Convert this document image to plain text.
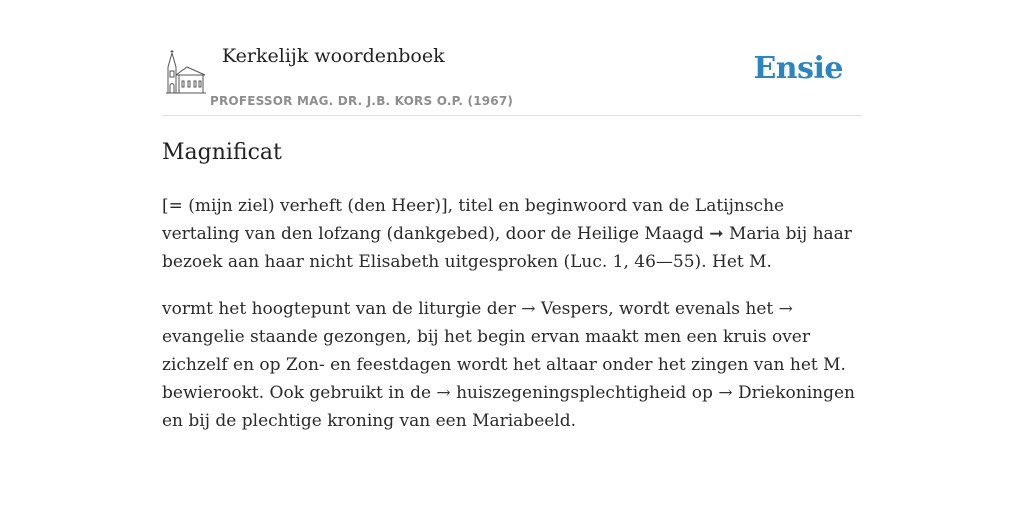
Kerkelijk woordenboek
PROFESSOR MAG. DR. J.B. KORS O.P. (1967)
Ensie
Magnificat

[= (mijn ziel) verheft (den Heer)], titel en beginwoord van de Latijnsche vertaling van den lofzang (dankgebed), door de Heilige Maagd ➞ Maria bij haar bezoek aan haar nicht Elisabeth uitgesproken (Luc. 1, 46—55). Het M.

vormt het hoogtepunt van de liturgie der → Vespers, wordt evenals het → evangelie staande gezongen, bij het begin ervan maakt men een kruis over zichzelf en op Zon- en feestdagen wordt het altaar onder het zingen van het M. bewierookt. Ook gebruikt in de → huiszegeningsplechtigheid op → Driekoningen en bij de plechtige kroning van een Mariabeeld.
